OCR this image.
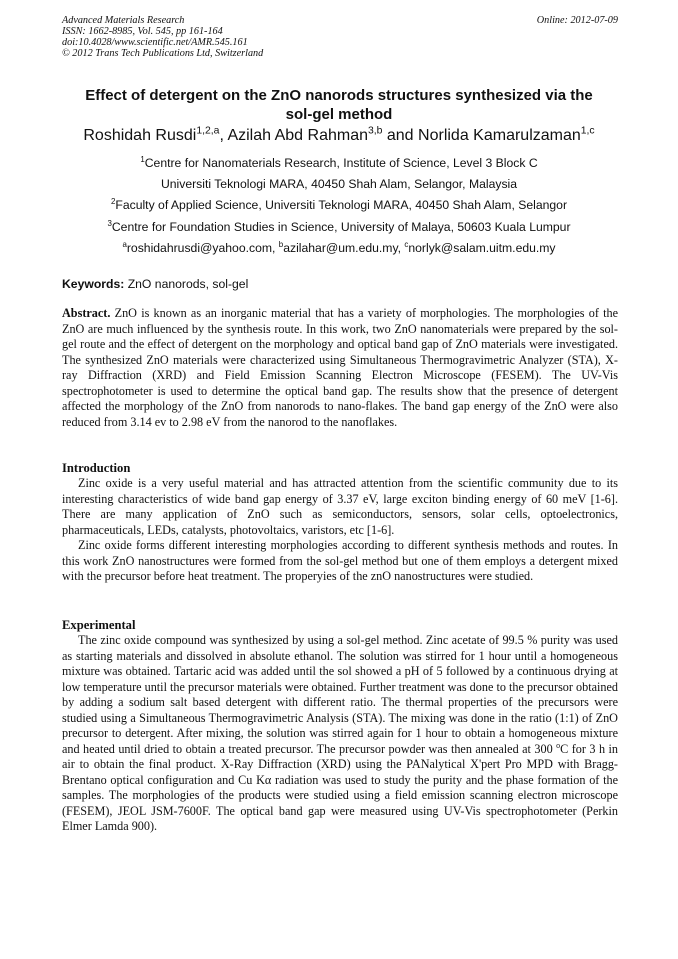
Advanced Materials Research	Online: 2012-07-09
ISSN: 1662-8985, Vol. 545, pp 161-164
doi:10.4028/www.scientific.net/AMR.545.161
© 2012 Trans Tech Publications Ltd, Switzerland
Effect of detergent on the ZnO nanorods structures synthesized via the
sol-gel method
Roshidah Rusdi$^{1,2,a}$, Azilah Abd Rahman$^{3,b}$ and Norlida Kamarulzaman$^{1,c}$
$^1$Centre for Nanomaterials Research, Institute of Science, Level 3 Block C
Universiti Teknologi MARA, 40450 Shah Alam, Selangor, Malaysia
$^2$Faculty of Applied Science, Universiti Teknologi MARA, 40450 Shah Alam, Selangor
$^3$Centre for Foundation Studies in Science, University of Malaya, 50603 Kuala Lumpur
$^a$roshidahrusdi@yahoo.com, $^b$azilahar@um.edu.my, $^c$norlyk@salam.uitm.edu.my
Keywords: ZnO nanorods, sol-gel

Abstract. ZnO is known as an inorganic material that has a variety of morphologies. The morphologies of the ZnO are much influenced by the synthesis route. In this work, two ZnO nanomaterials were prepared by the sol-gel route and the effect of detergent on the morphology and optical band gap of ZnO materials were investigated. The synthesized ZnO materials were characterized using Simultaneous Thermogravimetric Analyzer (STA), X-ray Diffraction (XRD) and Field Emission Scanning Electron Microscope (FESEM). The UV-Vis spectrophotometer is used to determine the optical band gap. The results show that the presence of detergent affected the morphology of the ZnO from nanorods to nano-flakes. The band gap energy of the ZnO were also reduced from 3.14 ev to 2.98 eV from the nanorod to the nanoflakes.

Introduction

Zinc oxide is a very useful material and has attracted attention from the scientific community due to its interesting characteristics of wide band gap energy of 3.37 eV, large exciton binding energy of 60 meV [1-6]. There are many application of ZnO such as semiconductors, sensors, solar cells, optoelectronics, pharmaceuticals, LEDs, catalysts, photovoltaics, varistors, etc [1-6].

Zinc oxide forms different interesting morphologies according to different synthesis methods and routes. In this work ZnO nanostructures were formed from the sol-gel method but one of them employs a detergent mixed with the precursor before heat treatment. The properyies of the znO nanostructures were studied.

Experimental

The zinc oxide compound was synthesized by using a sol-gel method. Zinc acetate of 99.5 % purity was used as starting materials and dissolved in absolute ethanol. The solution was stirred for 1 hour until a homogeneous mixture was obtained. Tartaric acid was added until the sol showed a pH of 5 followed by a continuous drying at low temperature until the precursor materials were obtained. Further treatment was done to the precursor obtained by adding a sodium salt based detergent with different ratio. The thermal properties of the precursors were studied using a Simultaneous Thermogravimetric Analysis (STA). The mixing was done in the ratio (1:1) of ZnO precursor to detergent. After mixing, the solution was stirred again for 1 hour to obtain a homogeneous mixture and heated until dried to obtain a treated precursor. The precursor powder was then annealed at 300 $^o$C for 3 h in air to obtain the final product. X-Ray Diffraction (XRD) using the PANalytical X'pert Pro MPD with Bragg-Brentano optical configuration and Cu Kα radiation was used to study the purity and the phase formation of the samples. The morphologies of the products were studied using a field emission scanning electron microscope (FESEM), JEOL JSM-7600F. The optical band gap were measured using UV-Vis spectrophotometer (Perkin Elmer Lamda 900).
